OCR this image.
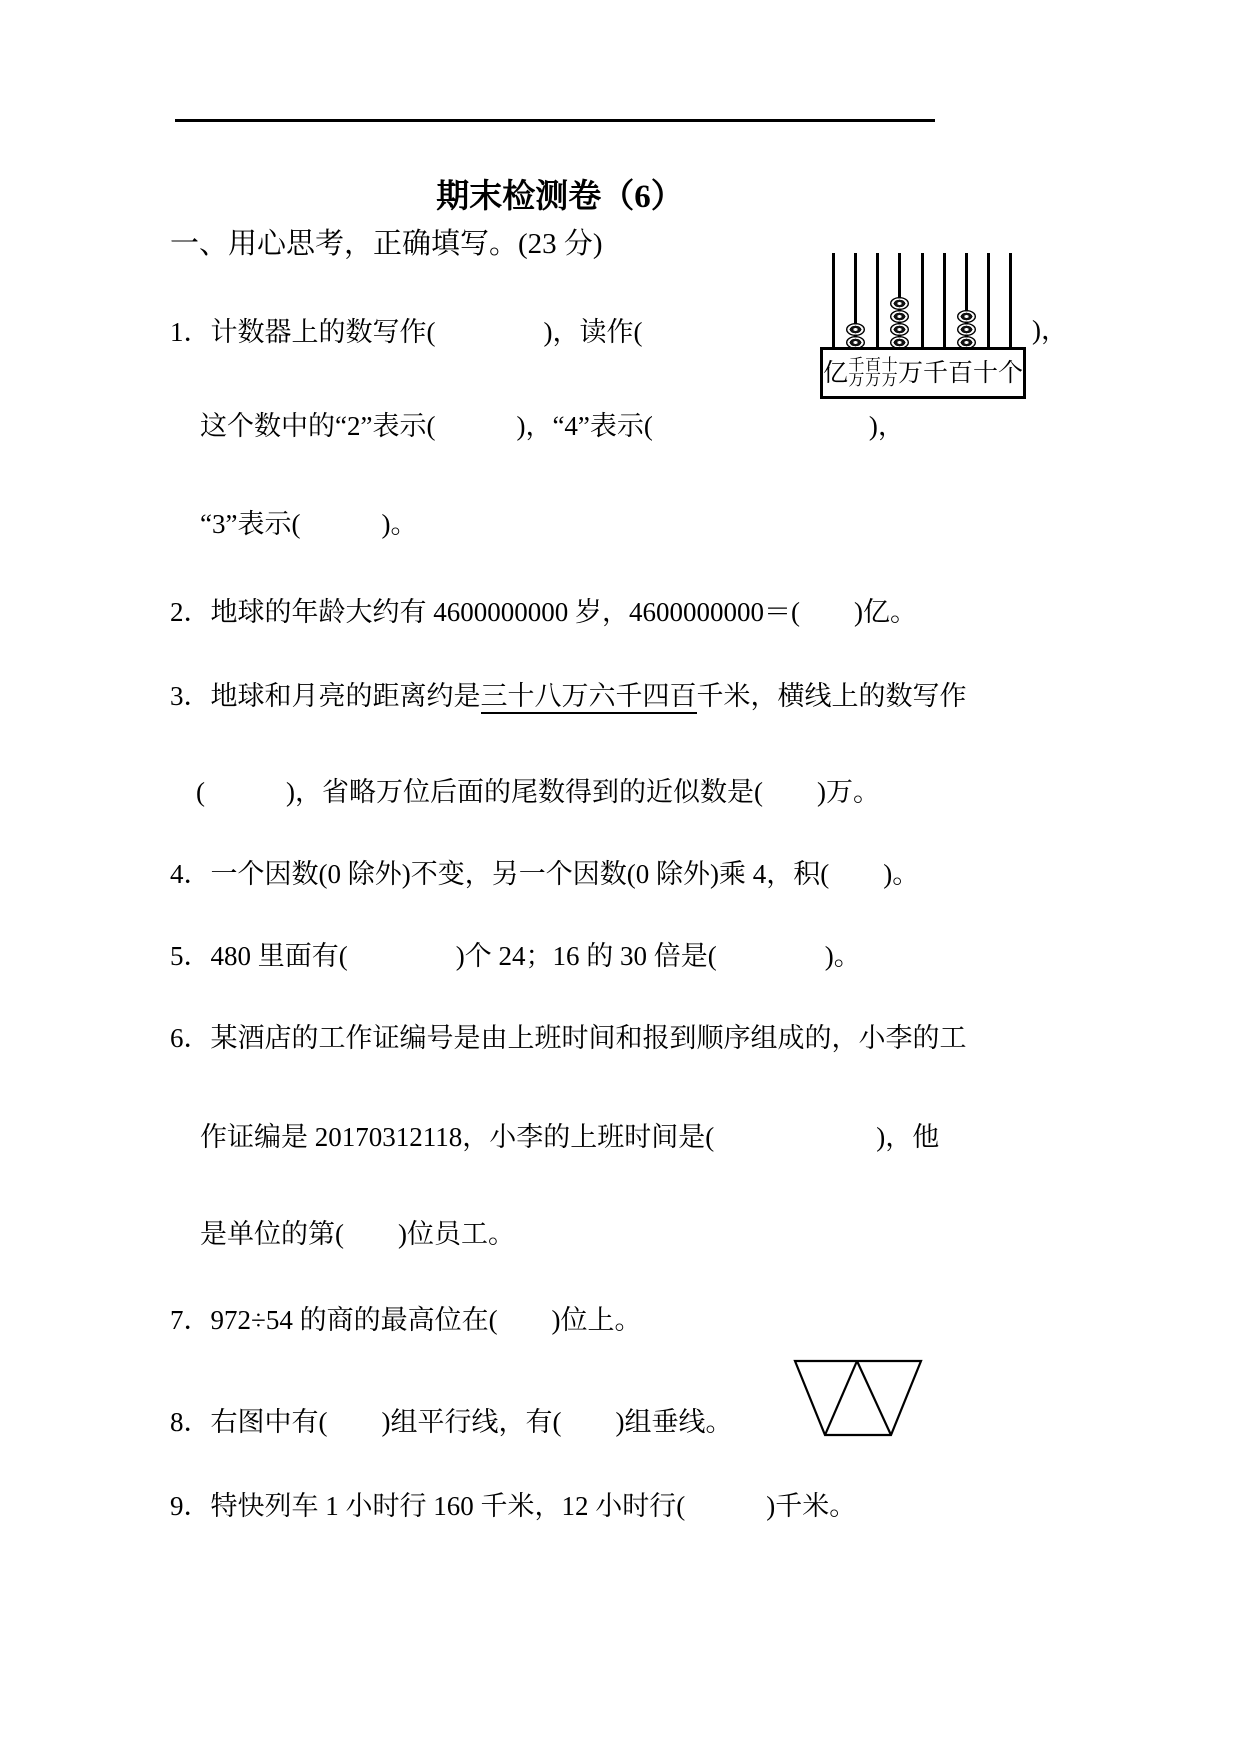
期末检测卷（6）
一、用心思考，正确填写。(23 分)
1．计数器上的数写作(　　　　)，读作(
亿 千
万
百
万
十
万 万 千 百 十 个
)，
这个数中的“2”表示(　　　)，“4”表示(　　　　　　　　)，
“3”表示(　　　)。
2．地球的年龄大约有 4600000000 岁，4600000000＝(　　)亿。
3．地球和月亮的距离约是三十八万六千四百千米，横线上的数写作
(　　　)，省略万位后面的尾数得到的近似数是(　　)万。
4．一个因数(0 除外)不变，另一个因数(0 除外)乘 4，积(　　)。
5．480 里面有(　　　　)个 24；16 的 30 倍是(　　　　)。
6．某酒店的工作证编号是由上班时间和报到顺序组成的，小李的工
作证编是 20170312118，小李的上班时间是(　　　　　　)，他
是单位的第(　　)位员工。
7．972÷54 的商的最高位在(　　)位上。
8．右图中有(　　)组平行线，有(　　)组垂线。
9．特快列车 1 小时行 160 千米，12 小时行(　　　)千米。
